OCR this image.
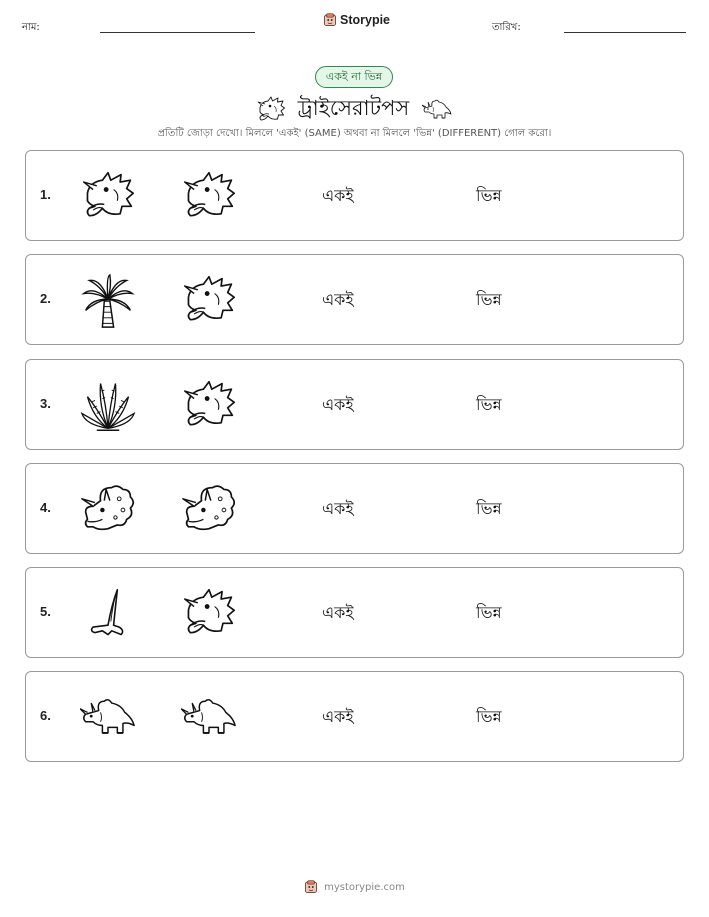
নাম:
Storypie
তারিখ:
একই না ভিন্ন
ট্রাইসেরাটপস
প্রতিটি জোড়া দেখো। মিললে 'একই' (SAME) অথবা না মিললে 'ভিন্ন' (DIFFERENT) গোল করো।
1.	একই	ভিন্ন
2.	একই	ভিন্ন
3.	একই	ভিন্ন
4.	একই	ভিন্ন
5.	একই	ভিন্ন
6.	একই	ভিন্ন
mystorypie.com
